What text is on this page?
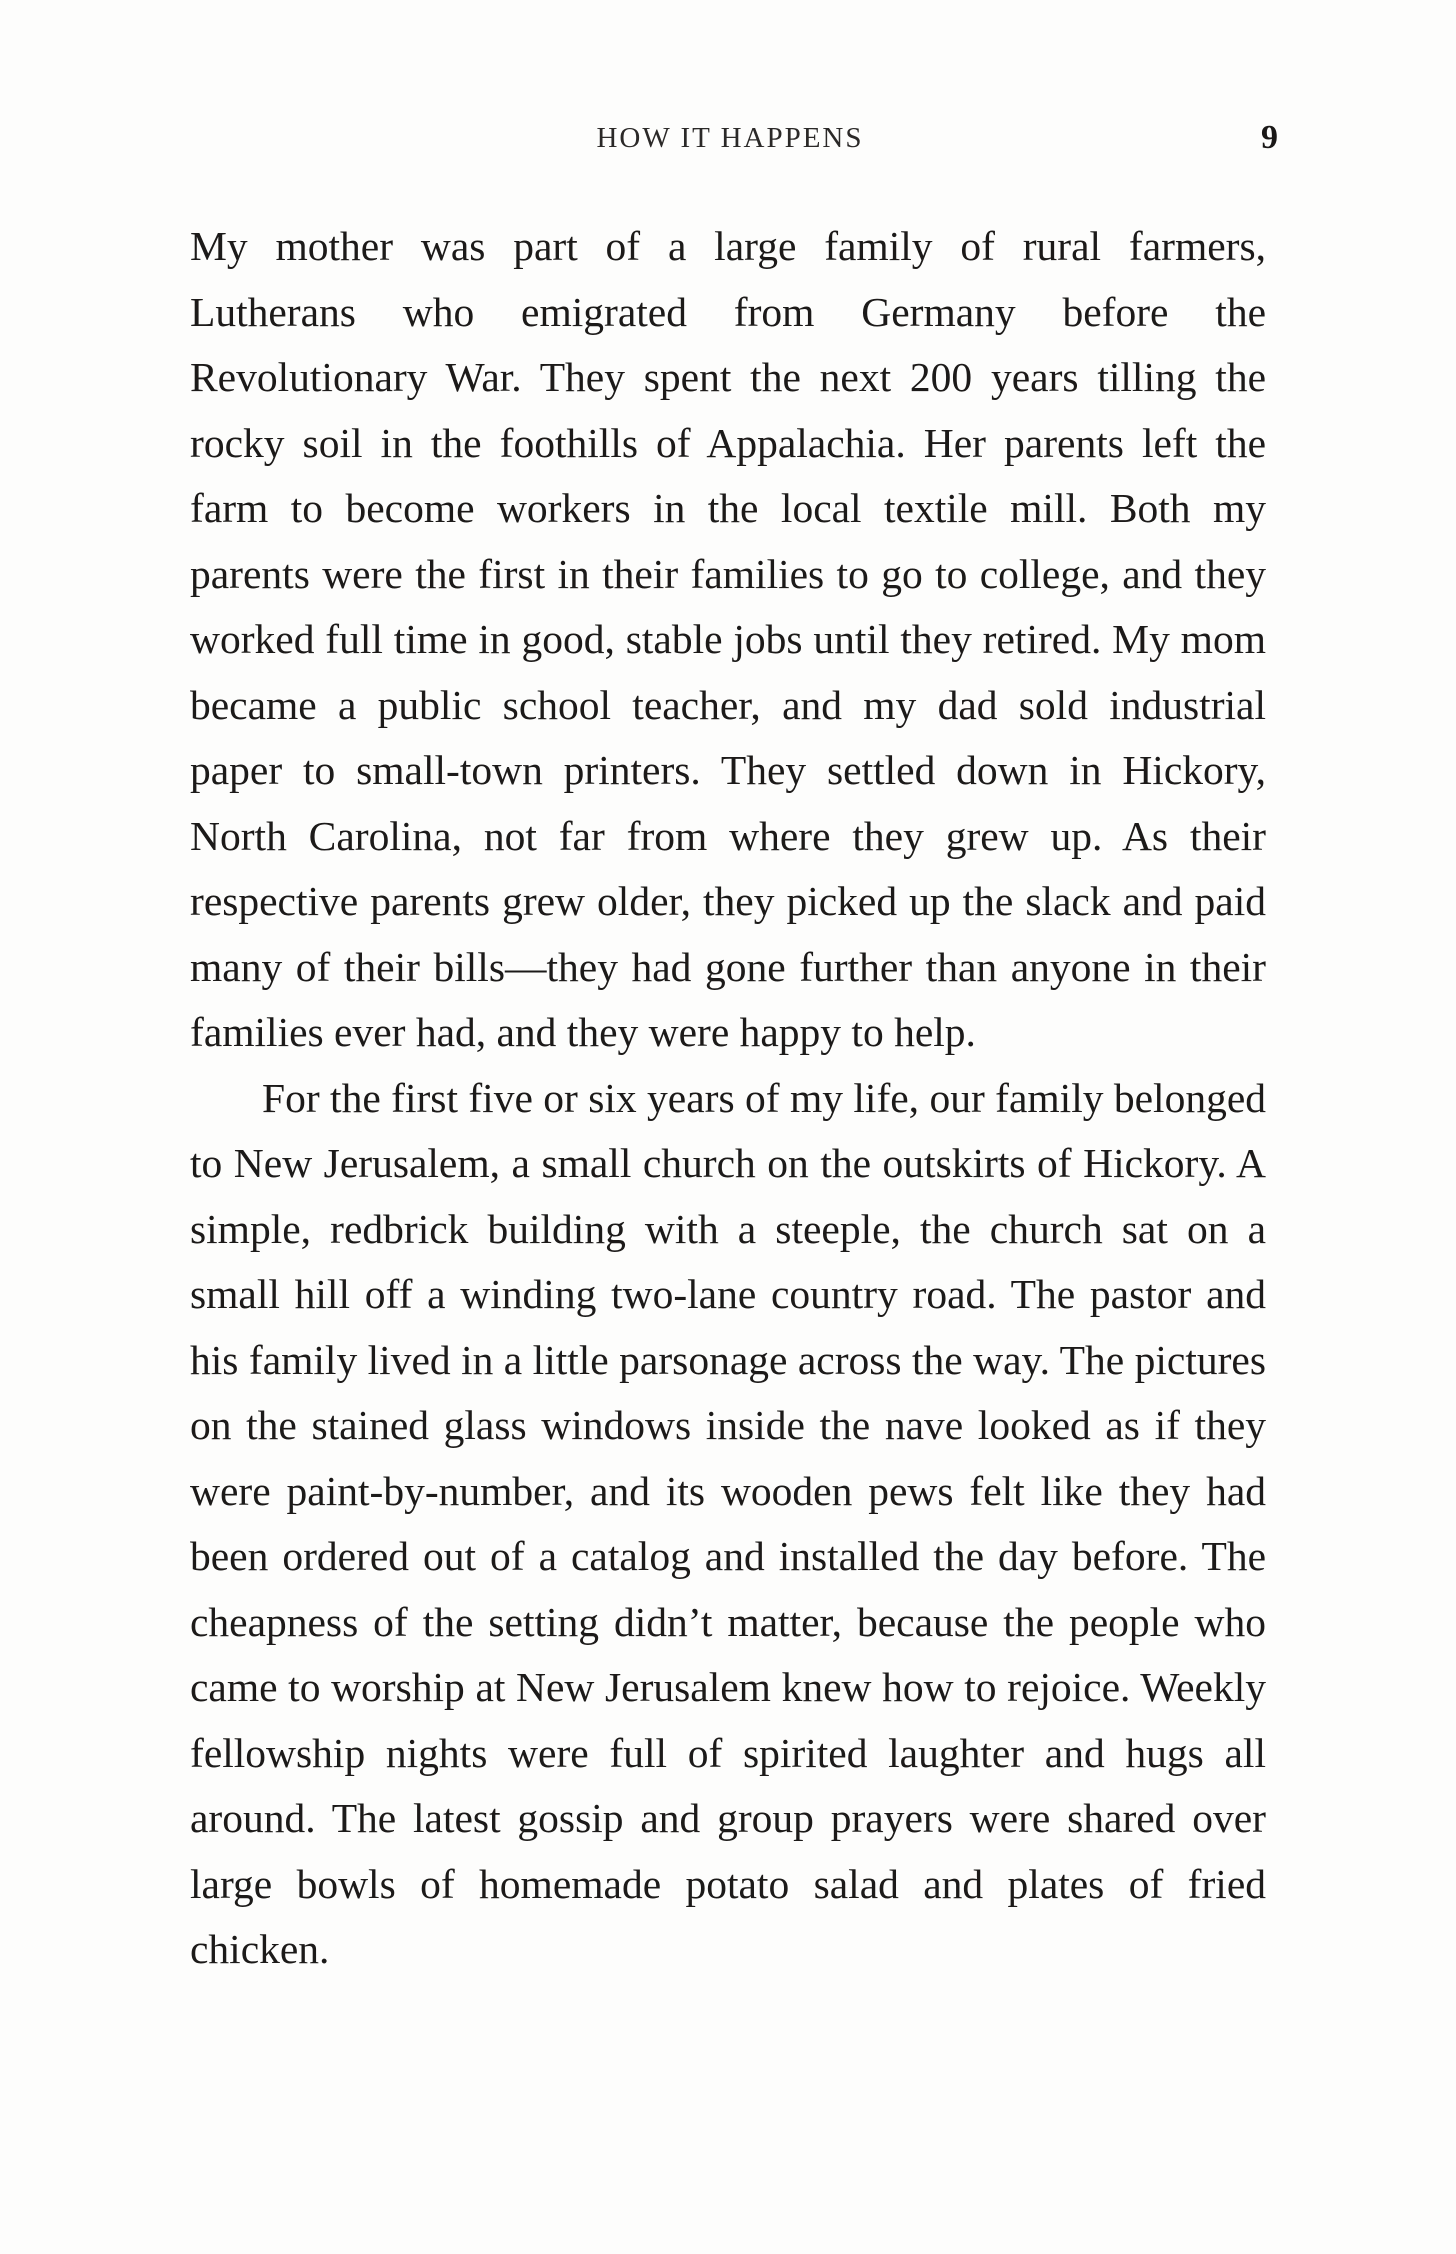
HOW IT HAPPENS	9

My mother was part of a large family of rural farmers, Lutherans who emigrated from Germany before the Revolutionary War. They spent the next 200 years tilling the rocky soil in the foothills of Appalachia. Her parents left the farm to become workers in the local textile mill. Both my parents were the first in their families to go to college, and they worked full time in good, stable jobs until they retired. My mom became a public school teacher, and my dad sold industrial paper to small-town printers. They settled down in Hickory, North Carolina, not far from where they grew up. As their respective parents grew older, they picked up the slack and paid many of their bills—they had gone further than anyone in their families ever had, and they were happy to help.

For the first five or six years of my life, our family belonged to New Jerusalem, a small church on the outskirts of Hickory. A simple, redbrick building with a steeple, the church sat on a small hill off a winding two-lane country road. The pastor and his family lived in a little parsonage across the way. The pictures on the stained glass windows inside the nave looked as if they were paint-by-number, and its wooden pews felt like they had been ordered out of a catalog and installed the day before. The cheapness of the setting didn’t matter, because the people who came to worship at New Jerusalem knew how to rejoice. Weekly fellowship nights were full of spirited laughter and hugs all around. The latest gossip and group prayers were shared over large bowls of homemade potato salad and plates of fried chicken.
